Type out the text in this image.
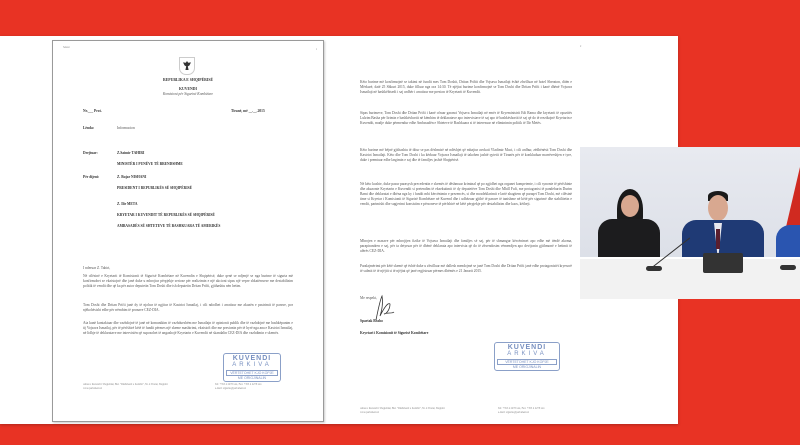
Sekret
1
REPUBLIKA E SHQIPËRISË
KUVENDI
Komisioni për Sigurinë Kombëtare
Nr.___ Prot.	Tiranë, më __.__.2015
Lënda:	Informacion
Drejtuar:	Z.Saimir TAHIRI
MINISTËR I PUNËVE TË BRENDSHME
Për dijeni:	Z. Bujar NISHANI
PRESIDENT I REPUBLIKËS SË SHQIPËRISË
Z. Ilir META
KRYETAR I KUVENDIT TË REPUBLIKËS SË SHQIPËRISË
AMBASADËS SË SHTETEVE TË BASHKUARA TË AMERIKËS
I nderuar Z. Tahiri,
Në cilësinë e Kryetarit të Komisionit të Sigurisë Kombëtare në Kuvendin e Shqipërisë, duke qenë se ndjenjë se nga burime të sigurta më konfirmohet se ekzistojnë dhe janë duke u mbrojtur përpjekje serioze për realizimin e një akcioni sipas një vepre shkatërruese me destabilizim politik të vendit dhe që ka për autor deputetin Tom Doshi dhe ish deputetin Dritan Prifti, gjithashtu nën hetim.
Tom Doshi dhe Dritan Prifti janë dy të njohur të ngjitur të Kastriot Ismailaj, i cili ndodhet i arratisur me akuzën e pastrimit të parave, por njëkohësisht edhe për rrëmbim të pronave CEZ-DIA.
Ata kanë kontaktuar dhe vazhdojnë të janë në komunikim të vazhdueshëm me Ismailajn të opinionit publik dhe të vazhdojnë me bashkëpunim e tij Vojsava Ismailaj, për të përfshirë këtë të fundit përmes një skeme mashtrimi, ekzistoft dhe me presionin për të hyrë nga ana e Kastriot Ismailaj, në lidhje të deklaratave me intervistën që supozohet të angazhojë Kryetarin e Kuvendit në skandalin CEZ-DIA dhe vazhdimin e skemës.
KUVENDI
ARKIVA
VËRTETOHET KJO KOPJE
ME ORIGJINALIN
Adresa: Kuvendi i Shqipërisë, Bul. "Dëshmorët e Kombit", Nr. 4 Tiranë, Shqipëri
www.parlament.al
Tel: +355 4 2278 xxx, Fax: +355 4 2278 xxx
e-mail: sigurite@parlament.al
2
Këto burime më konfirmojnë se takimi në fundit mes Tom Doshit, Dritan Priftit dhe Vojsava Ismailajt është zhvilluar në hotel Sheraton, ditën e Mërkurë, datë 25 Shkurt 2015, duke filluar nga ora 14:30. Të njëjtat burime konfirmojnë se Tom Doshi dhe Dritan Prifti i kanë dhënë Vojsava Ismailajt në bashkëbisedi i saj urdhër i arratisur me presion të Kryetarit të Kuvendit.
Sipas burimeve, Tom Doshi dhe Dritan Prifti i kanë ofruar garanci Vojsava Ismailajt në emër të Kryeministrit Edi Rama dhe kryetarit të opozitës Lulzim Basha për lirimin e bashkëshortit në këmbim të deklaratave apo intervistave të saj apo të bashkëshortit të saj që do të rrezikojnë Kryetarin e Kuvendit, madje duke përmendur edhe Ambasadën e Shteteve të Bashkuara si të interesuar në eliminimin politik të Ilir Metës.
Këto burime më bëjnë gjithashtu të ditur se pas dëshmisë në ndëshjet që mbajtur avokati Vladimir Muci, i cili ardhur, zëdhënësit Tom Doshi dhe Kastriot Ismailajt. Këto dhe Tom Doshi i ka kërkuar Vojsava Ismailajt të takohen jashtë qytetit të Tiranës për të konkluduar marrëveshjen e tyre, duke i premtuar edhe largimin e saj dhe të familjes jashtë Shqipërisë.
Në këto kushte, duke pasur parasysh precedentin e skemës të dëshmuar kriminal që po zgjidhet nga organet kompetente, i cili synonte të përfshinte dhe akuzonte Kryetarin e Kuvendit si pretendim të ekzekutimit të dy deputetëve Tom Doshi dhe Mhill Fufi, me protagonist të pandehurin Durim Bami dhe deklaratat e dhëna nga ky i fundit mbi kërcënimin e prezencës, si dhe mosdeklarimit e lartë zhagitem që paraqet Tom Doshi, më cilësinë time si Kryetar i Komisionit të Sigurisë Kombëtare në Kuvend dhe i udhëzuar gjithë të parave të tanishme në këtë për sigurimë dhe stabilitetin e vendit, parimisht dhe sugjerimi konsistim e përsoneve të përfshirë në këtë përpjekje për destabilizim dhe kaos, këtheji.
Mbrojen e masave për mbrojtjen fizike të Vojsava Ismailajt dhe familjes së saj, për të shmangur kërcënimet apo edhe më tëndë akoma, parapirandren e saj, për ta detyruar për të dhënë deklarata apo intervista që do të zhvendosim vëmendjen apo devijonin gjithmonë e hetimit të afërës CEZ-DIA.
Paralajmërimi për këtë skemë që është duke u zhvilluar më dallesh mendojmë se janë Tom Doshi dhe Dritan Prifti janë edhe protagonistët kryesorë të sulmit të të njëjtit si të njëjtat që janë regjistruar përmes dhëmës e 21 Janarit 2015.
Me respekt,
Spartak Braho
Kryetari i Komisionit të Sigurisë Kombëtare
KUVENDI
ARKIVA
VËRTETOHET KJO KOPJE
ME ORIGJINALIN
Adresa: Kuvendi i Shqipërisë, Bul. "Dëshmorët e Kombit", Nr. 4 Tiranë, Shqipëri
www.parlament.al
Tel: +355 4 2278 xxx, Fax: +355 4 2278 xxx
e-mail: sigurite@parlament.al
